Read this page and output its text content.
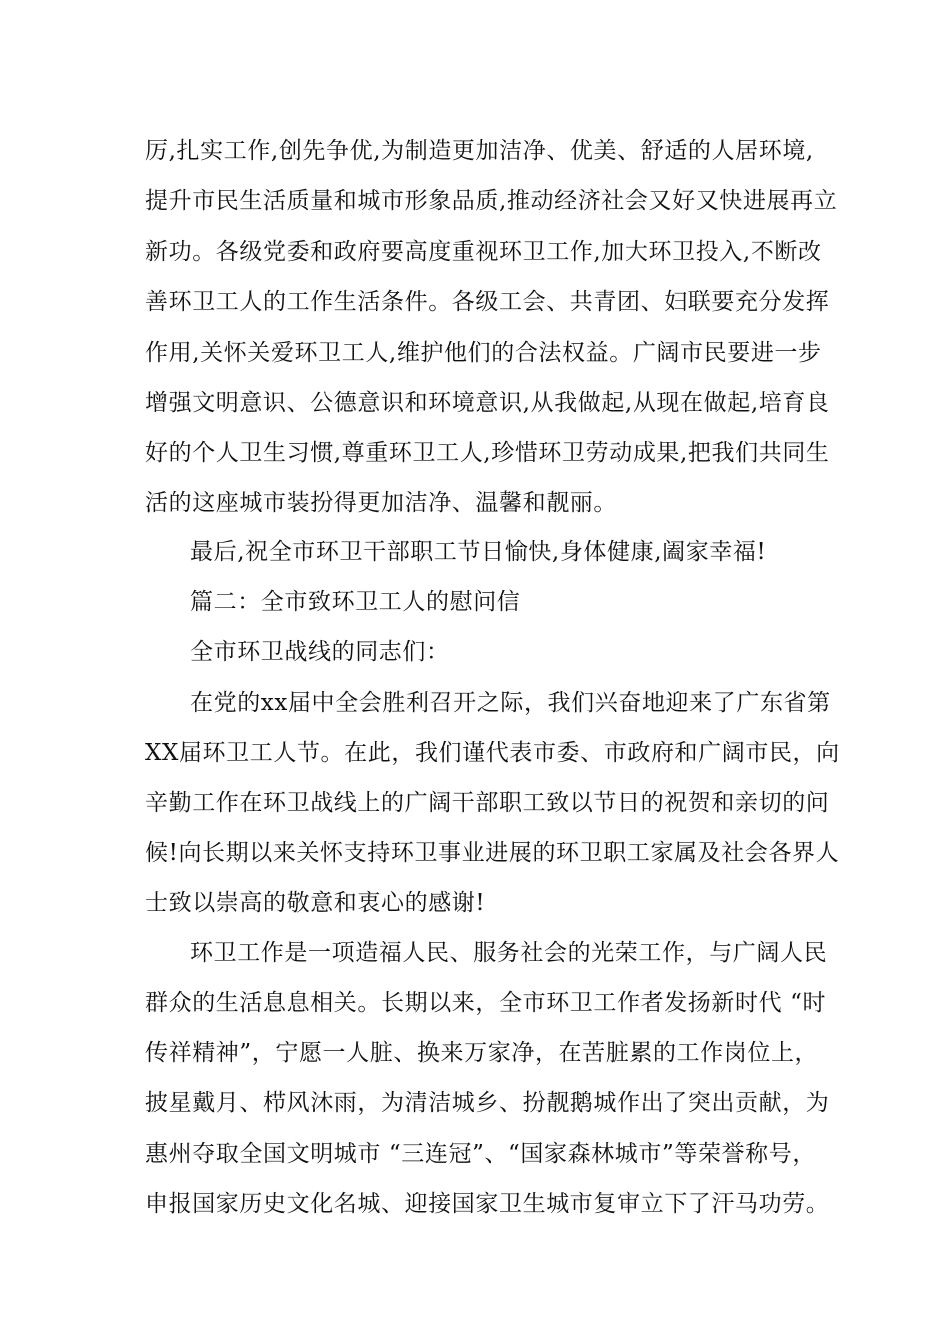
厉,扎实工作,创先争优,为制造更加洁净、优美、舒适的人居环境,
提升市民生活质量和城市形象品质,推动经济社会又好又快进展再立
新功。各级党委和政府要高度重视环卫工作,加大环卫投入,不断改
善环卫工人的工作生活条件。各级工会、共青团、妇联要充分发挥
作用,关怀关爱环卫工人,维护他们的合法权益。广阔市民要进一步
增强文明意识、公德意识和环境意识,从我做起,从现在做起,培育良
好的个人卫生习惯,尊重环卫工人,珍惜环卫劳动成果,把我们共同生
活的这座城市装扮得更加洁净、温馨和靓丽。
最后,祝全市环卫干部职工节日愉快,身体健康,阖家幸福!
篇二：全市致环卫工人的慰问信
全市环卫战线的同志们：
在党的xx届中全会胜利召开之际，我们兴奋地迎来了广东省第
XX届环卫工人节。在此，我们谨代表市委、市政府和广阔市民，向
辛勤工作在环卫战线上的广阔干部职工致以节日的祝贺和亲切的问
候!向长期以来关怀支持环卫事业进展的环卫职工家属及社会各界人
士致以崇高的敬意和衷心的感谢!
环卫工作是一项造福人民、服务社会的光荣工作，与广阔人民
群众的生活息息相关。长期以来，全市环卫工作者发扬新时代 “时
传祥精神”，宁愿一人脏、换来万家净，在苦脏累的工作岗位上，
披星戴月、栉风沐雨，为清洁城乡、扮靓鹅城作出了突出贡献，为
惠州夺取全国文明城市 “三连冠”、“国家森林城市”等荣誉称号，
申报国家历史文化名城、迎接国家卫生城市复审立下了汗马功劳。
